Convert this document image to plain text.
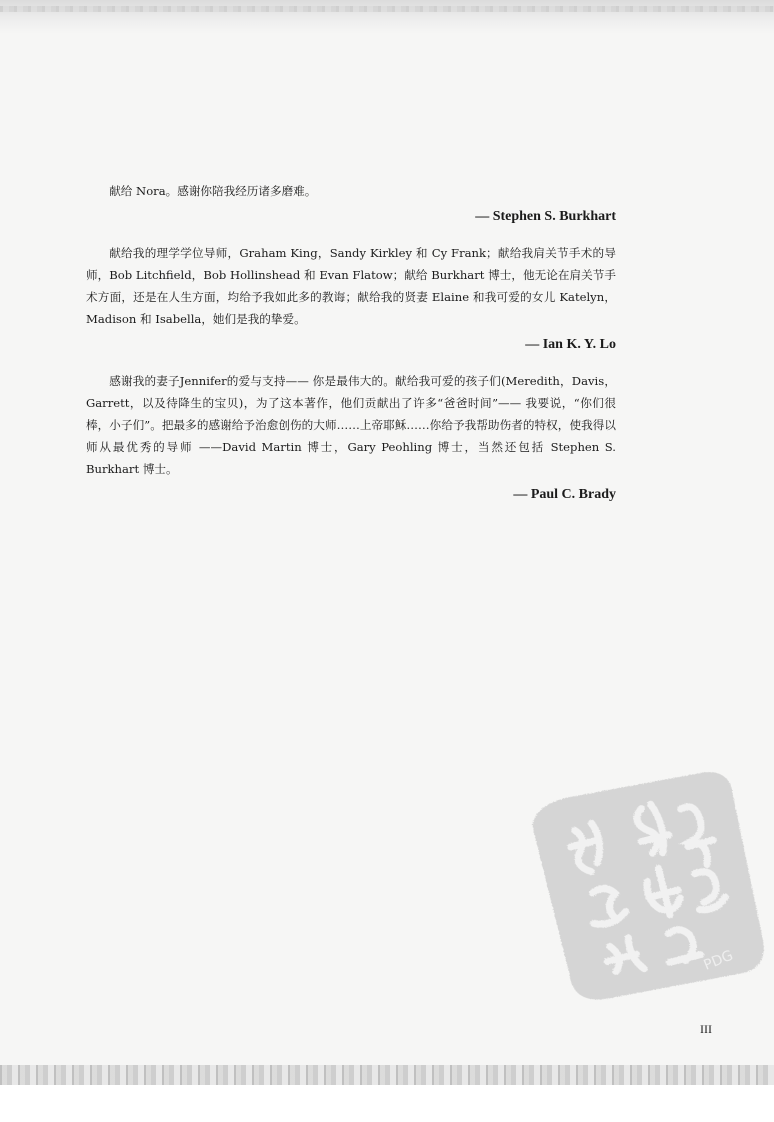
献给 Nora。感谢你陪我经历诸多磨难。

— Stephen S. Burkhart

献给我的理学学位导师，Graham King，Sandy Kirkley 和 Cy Frank；献给我肩关节手术的导师，Bob Litchfield，Bob Hollinshead 和 Evan Flatow；献给 Burkhart 博士，他无论在肩关节手术方面，还是在人生方面，均给予我如此多的教诲；献给我的贤妻 Elaine 和我可爱的女儿 Katelyn，Madison 和 Isabella，她们是我的挚爱。

— Ian K. Y. Lo

感谢我的妻子Jennifer的爱与支持—— 你是最伟大的。献给我可爱的孩子们(Meredith，Davis，Garrett，以及待降生的宝贝)，为了这本著作，他们贡献出了许多“爸爸时间”—— 我要说，“你们很棒，小子们”。把最多的感谢给予治愈创伤的大师……上帝耶稣……你给予我帮助伤者的特权，使我得以师从最优秀的导师 ——David Martin 博士，Gary Peohling 博士，当然还包括 Stephen S. Burkhart 博士。

— Paul C. Brady
PDG
III
